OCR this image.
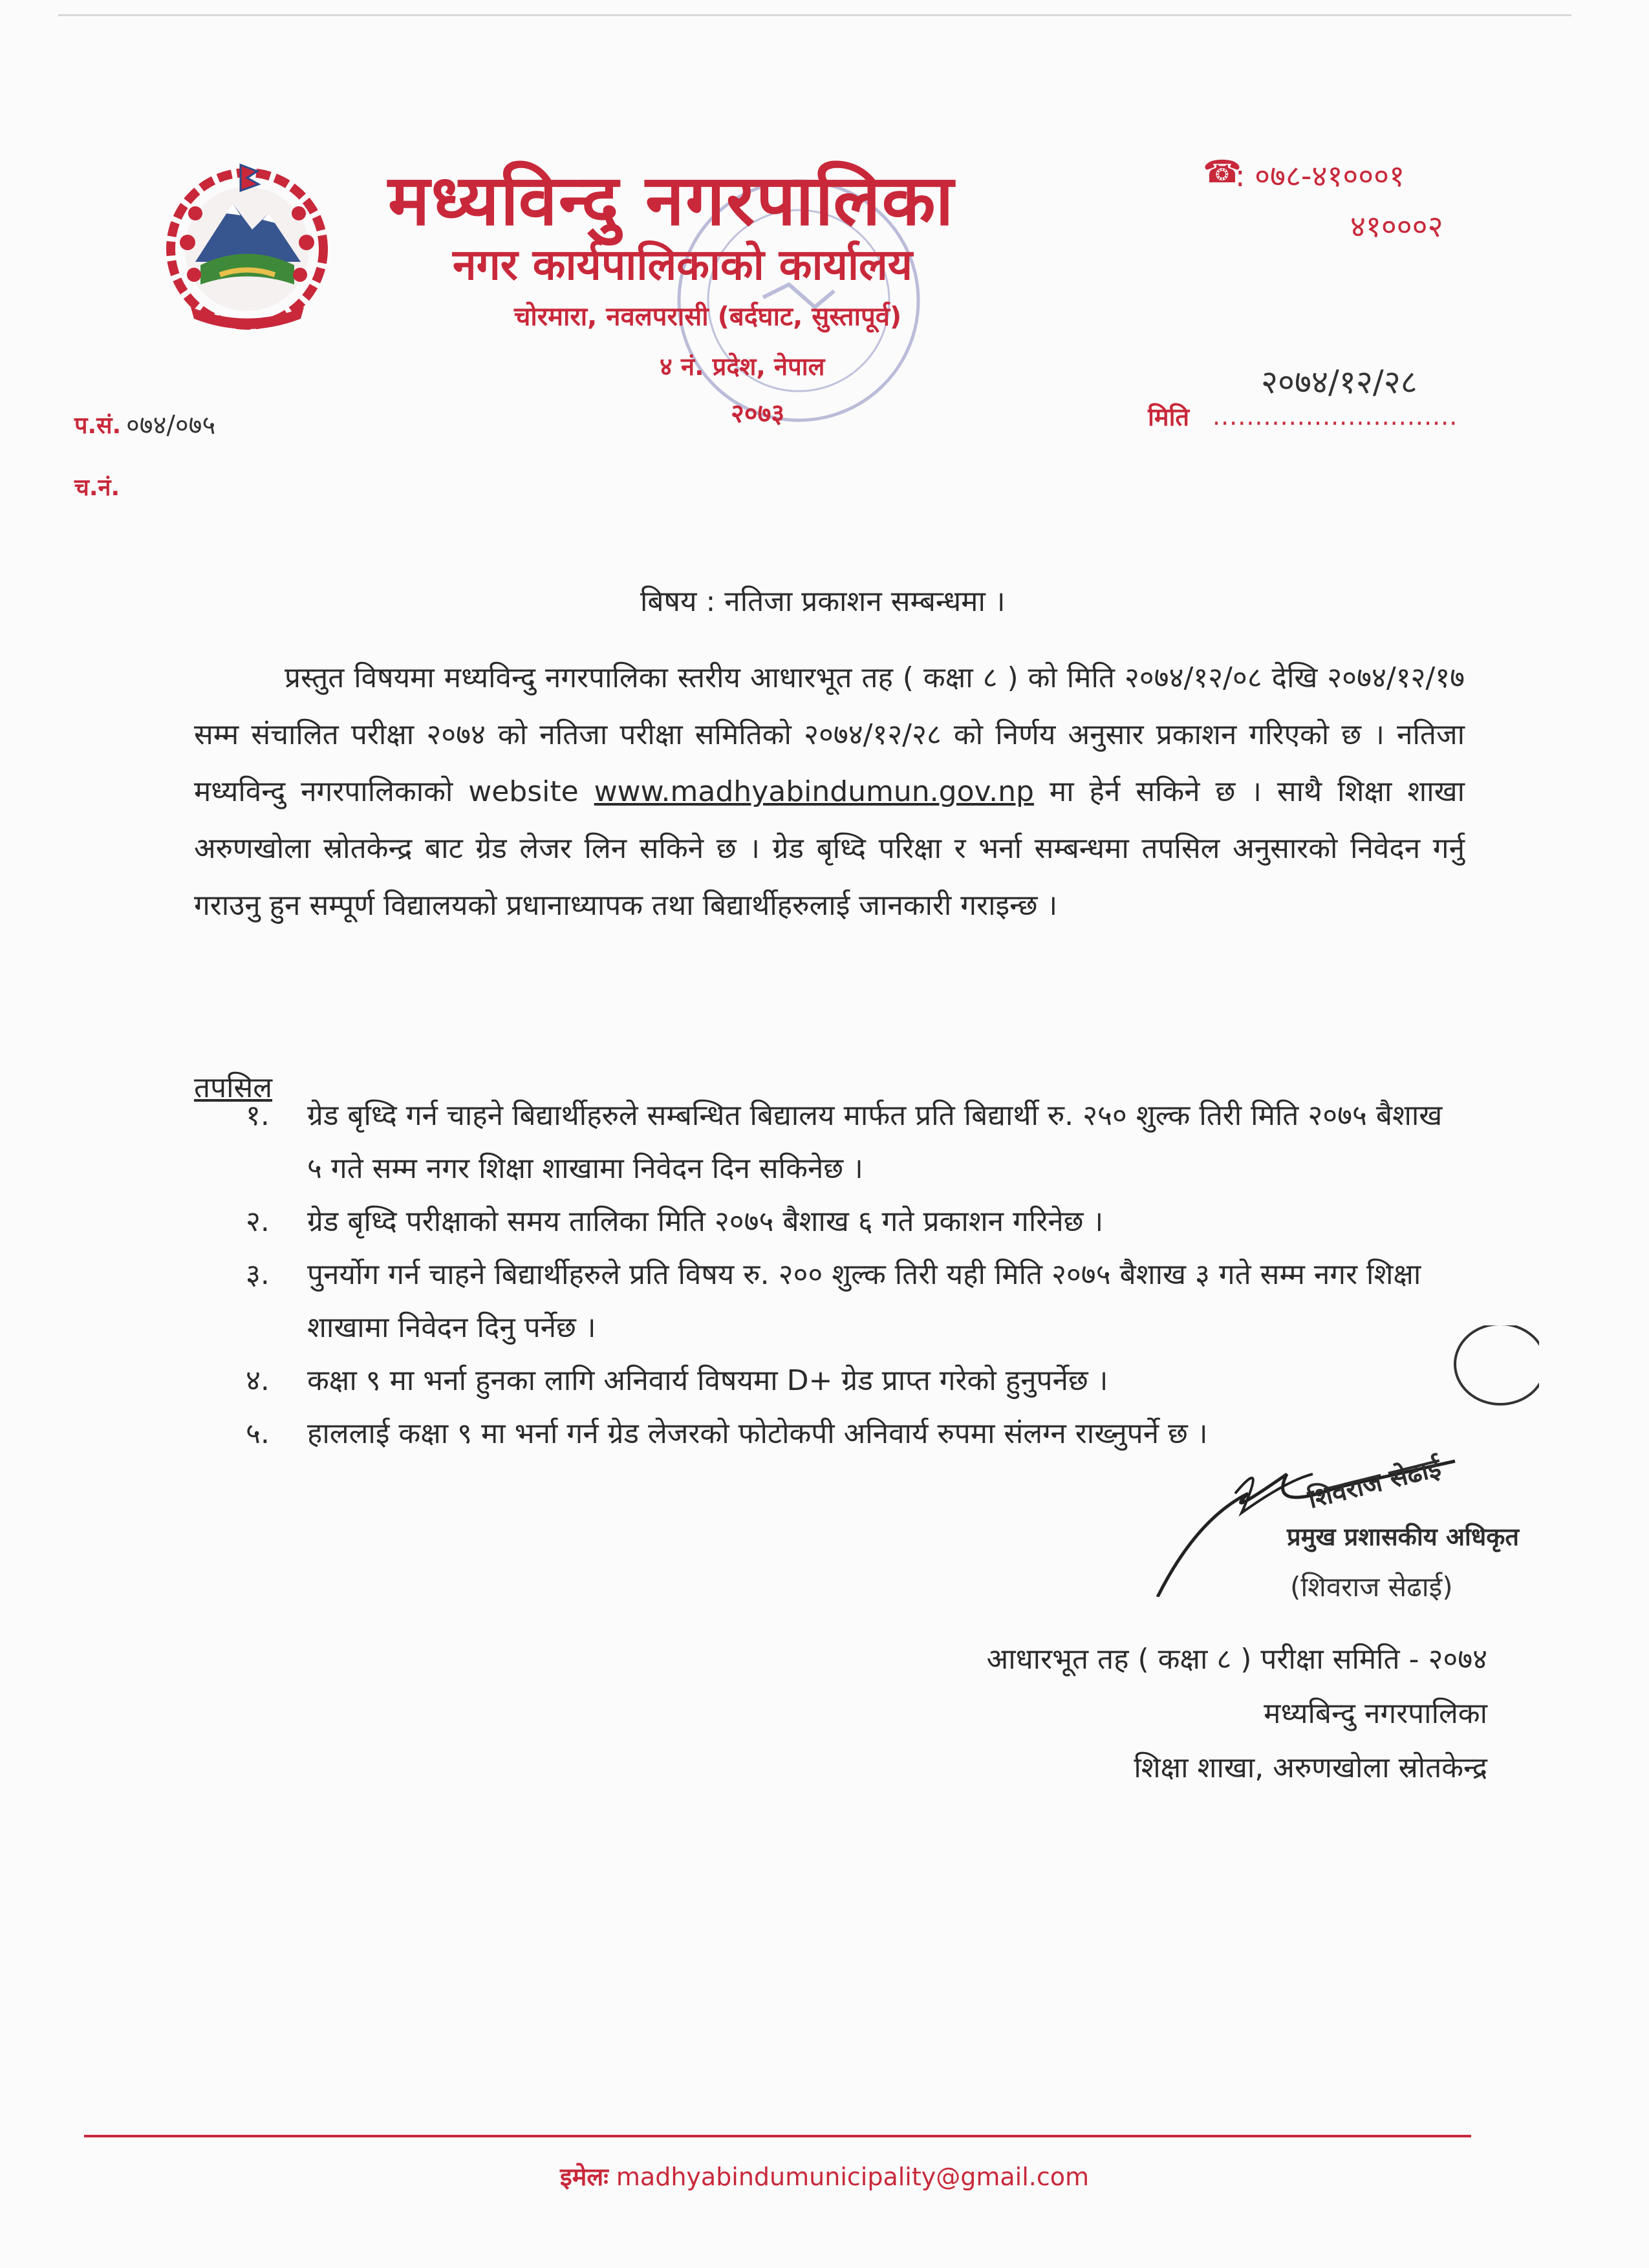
मध्यविन्दु नगरपालिका
नगर कार्यपालिकाको कार्यालय
चोरमारा, नवलपरासी (बर्दघाट, सुस्तापूर्व)
४ नं. प्रदेश, नेपाल
२०७३
☎
: ०७८-४१०००१
४१०००२
प.सं. ०७४/०७५
च.नं.
२०७४/१२/२८
मिति .............................
बिषय : नतिजा प्रकाशन सम्बन्धमा ।
प्रस्तुत विषयमा मध्यविन्दु नगरपालिका स्तरीय आधारभूत तह ( कक्षा ८ ) को मिति २०७४/१२/०८ देखि २०७४/१२/१७ सम्म संचालित परीक्षा २०७४ को नतिजा परीक्षा समितिको २०७४/१२/२८ को निर्णय अनुसार प्रकाशन गरिएको छ । नतिजा मध्यविन्दु नगरपालिकाको website www.madhyabindumun.gov.np मा हेर्न सकिने छ । साथै शिक्षा शाखा अरुणखोला स्रोतकेन्द्र बाट ग्रेड लेजर लिन सकिने छ । ग्रेड बृध्दि परिक्षा र भर्ना सम्बन्धमा तपसिल अनुसारको निवेदन गर्नु गराउनु हुन सम्पूर्ण विद्यालयको प्रधानाध्यापक तथा बिद्यार्थीहरुलाई जानकारी गराइन्छ ।
तपसिल
१. ग्रेड बृध्दि गर्न चाहने बिद्यार्थीहरुले सम्बन्धित बिद्यालय मार्फत प्रति बिद्यार्थी रु. २५० शुल्क तिरी मिति २०७५ बैशाख ५ गते सम्म नगर शिक्षा शाखामा निवेदन दिन सकिनेछ ।
२. ग्रेड बृध्दि परीक्षाको समय तालिका मिति २०७५ बैशाख ६ गते प्रकाशन गरिनेछ ।
३. पुनर्योग गर्न चाहने बिद्यार्थीहरुले प्रति विषय रु. २०० शुल्क तिरी यही मिति २०७५ बैशाख ३ गते सम्म नगर शिक्षा शाखामा निवेदन दिनु पर्नेछ ।
४. कक्षा ९ मा भर्ना हुनका लागि अनिवार्य विषयमा D+ ग्रेड प्राप्त गरेको हुनुपर्नेछ ।
५. हाललाई कक्षा ९ मा भर्ना गर्न ग्रेड लेजरको फोटोकपी अनिवार्य रुपमा संलग्न राख्नुपर्ने छ ।
शिवराज सेढाई
प्रमुख प्रशासकीय अधिकृत
(शिवराज सेढाई)
आधारभूत तह ( कक्षा ८ ) परीक्षा समिति - २०७४
मध्यबिन्दु नगरपालिका
शिक्षा शाखा, अरुणखोला स्रोतकेन्द्र
इमेलः madhyabindumunicipality@gmail.com
